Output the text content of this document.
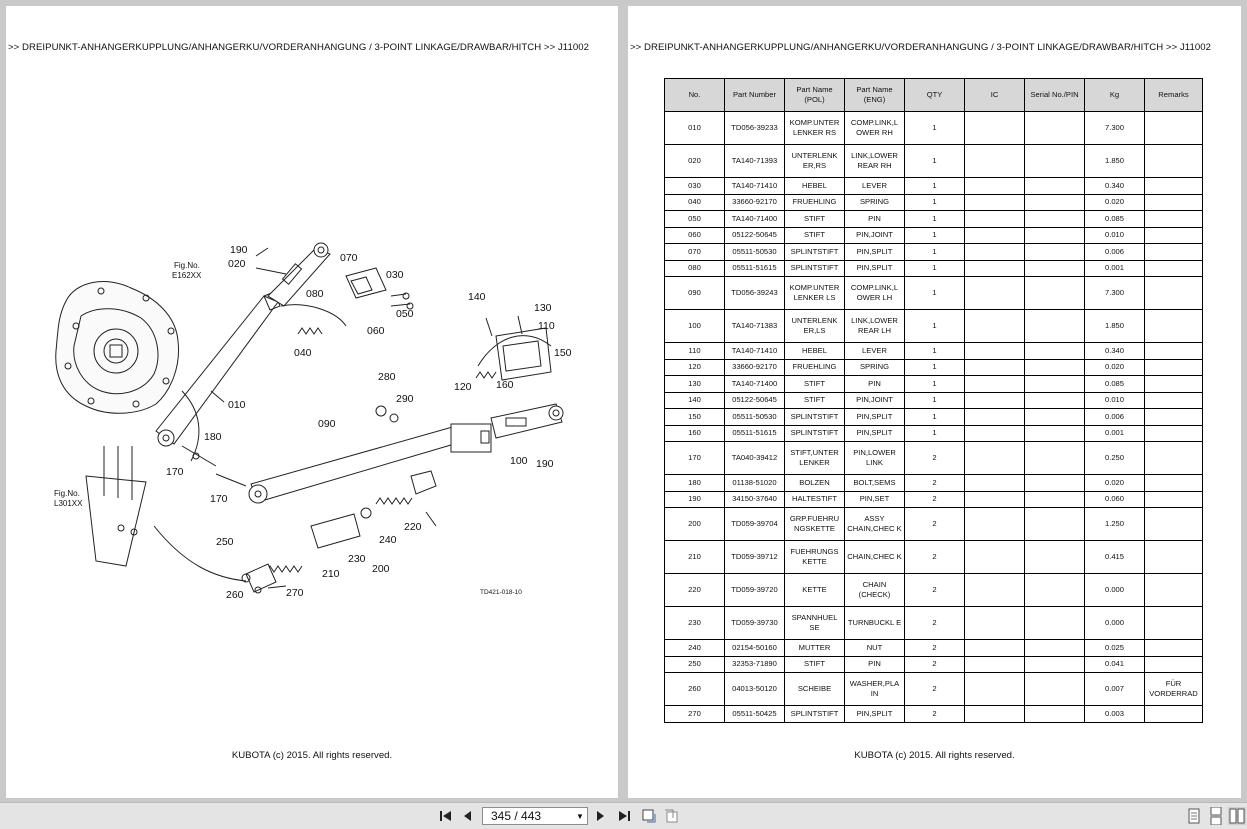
>> DREIPUNKT-ANHANGERKUPPLUNG/ANHANGERKU/VORDERANHANGUNG / 3-POINT LINKAGE/DRAWBAR/HITCH >> J11002
Fig.No.
E162XX
Fig.No.
L301XX
TD421-018-10
190
020	070
030
080
050
060
040
140
130
110
150
120 160
280
290
010
090
180
170
170
100 190
220
240
250
230
200
210
260	270
KUBOTA (c) 2015. All rights reserved.
>> DREIPUNKT-ANHANGERKUPPLUNG/ANHANGERKU/VORDERANHANGUNG / 3-POINT LINKAGE/DRAWBAR/HITCH >> J11002
No.	Part Number	Part Name (POL)	Part Name (ENG)	QTY	IC	Serial No./PIN	Kg	Remarks
010	TD056-39233	KOMP.UNTER LENKER RS	COMP.LINK,L OWER RH	1			7.300	
020	TA140-71393	UNTERLENK ER,RS	LINK,LOWER REAR RH	1			1.850	
030	TA140-71410	HEBEL	LEVER	1			0.340	
040	33660-92170	FRUEHLING	SPRING	1			0.020	
050	TA140-71400	STIFT	PIN	1			0.085	
060	05122-50645	STIFT	PIN,JOINT	1			0.010	
070	05511-50530	SPLINTSTIFT	PIN,SPLIT	1			0.006	
080	05511-51615	SPLINTSTIFT	PIN,SPLIT	1			0.001	
090	TD056-39243	KOMP.UNTER LENKER LS	COMP.LINK,L OWER LH	1			7.300	
100	TA140-71383	UNTERLENK ER,LS	LINK,LOWER REAR LH	1			1.850	
110	TA140-71410	HEBEL	LEVER	1			0.340	
120	33660-92170	FRUEHLING	SPRING	1			0.020	
130	TA140-71400	STIFT	PIN	1			0.085	
140	05122-50645	STIFT	PIN,JOINT	1			0.010	
150	05511-50530	SPLINTSTIFT	PIN,SPLIT	1			0.006	
160	05511-51615	SPLINTSTIFT	PIN,SPLIT	1			0.001	
170	TA040-39412	STIFT,UNTER LENKER	PIN,LOWER LINK	2			0.250	
180	01138-51020	BOLZEN	BOLT,SEMS	2			0.020	
190	34150-37640	HALTESTIFT	PIN,SET	2			0.060	
200	TD059-39704	GRP.FUEHRU NGSKETTE	ASSY CHAIN,CHEC K	2			1.250	
210	TD059-39712	FUEHRUNGS KETTE	CHAIN,CHEC K	2			0.415	
220	TD059-39720	KETTE	CHAIN (CHECK)	2			0.000	
230	TD059-39730	SPANNHUEL SE	TURNBUCKL E	2			0.000	
240	02154-50160	MUTTER	NUT	2			0.025	
250	32353-71890	STIFT	PIN	2			0.041	
260	04013-50120	SCHEIBE	WASHER,PLA IN	2			0.007	FÜR VORDERRAD
270	05511-50425	SPLINTSTIFT	PIN,SPLIT	2			0.003	
KUBOTA (c) 2015. All rights reserved.
345 / 443	▼
